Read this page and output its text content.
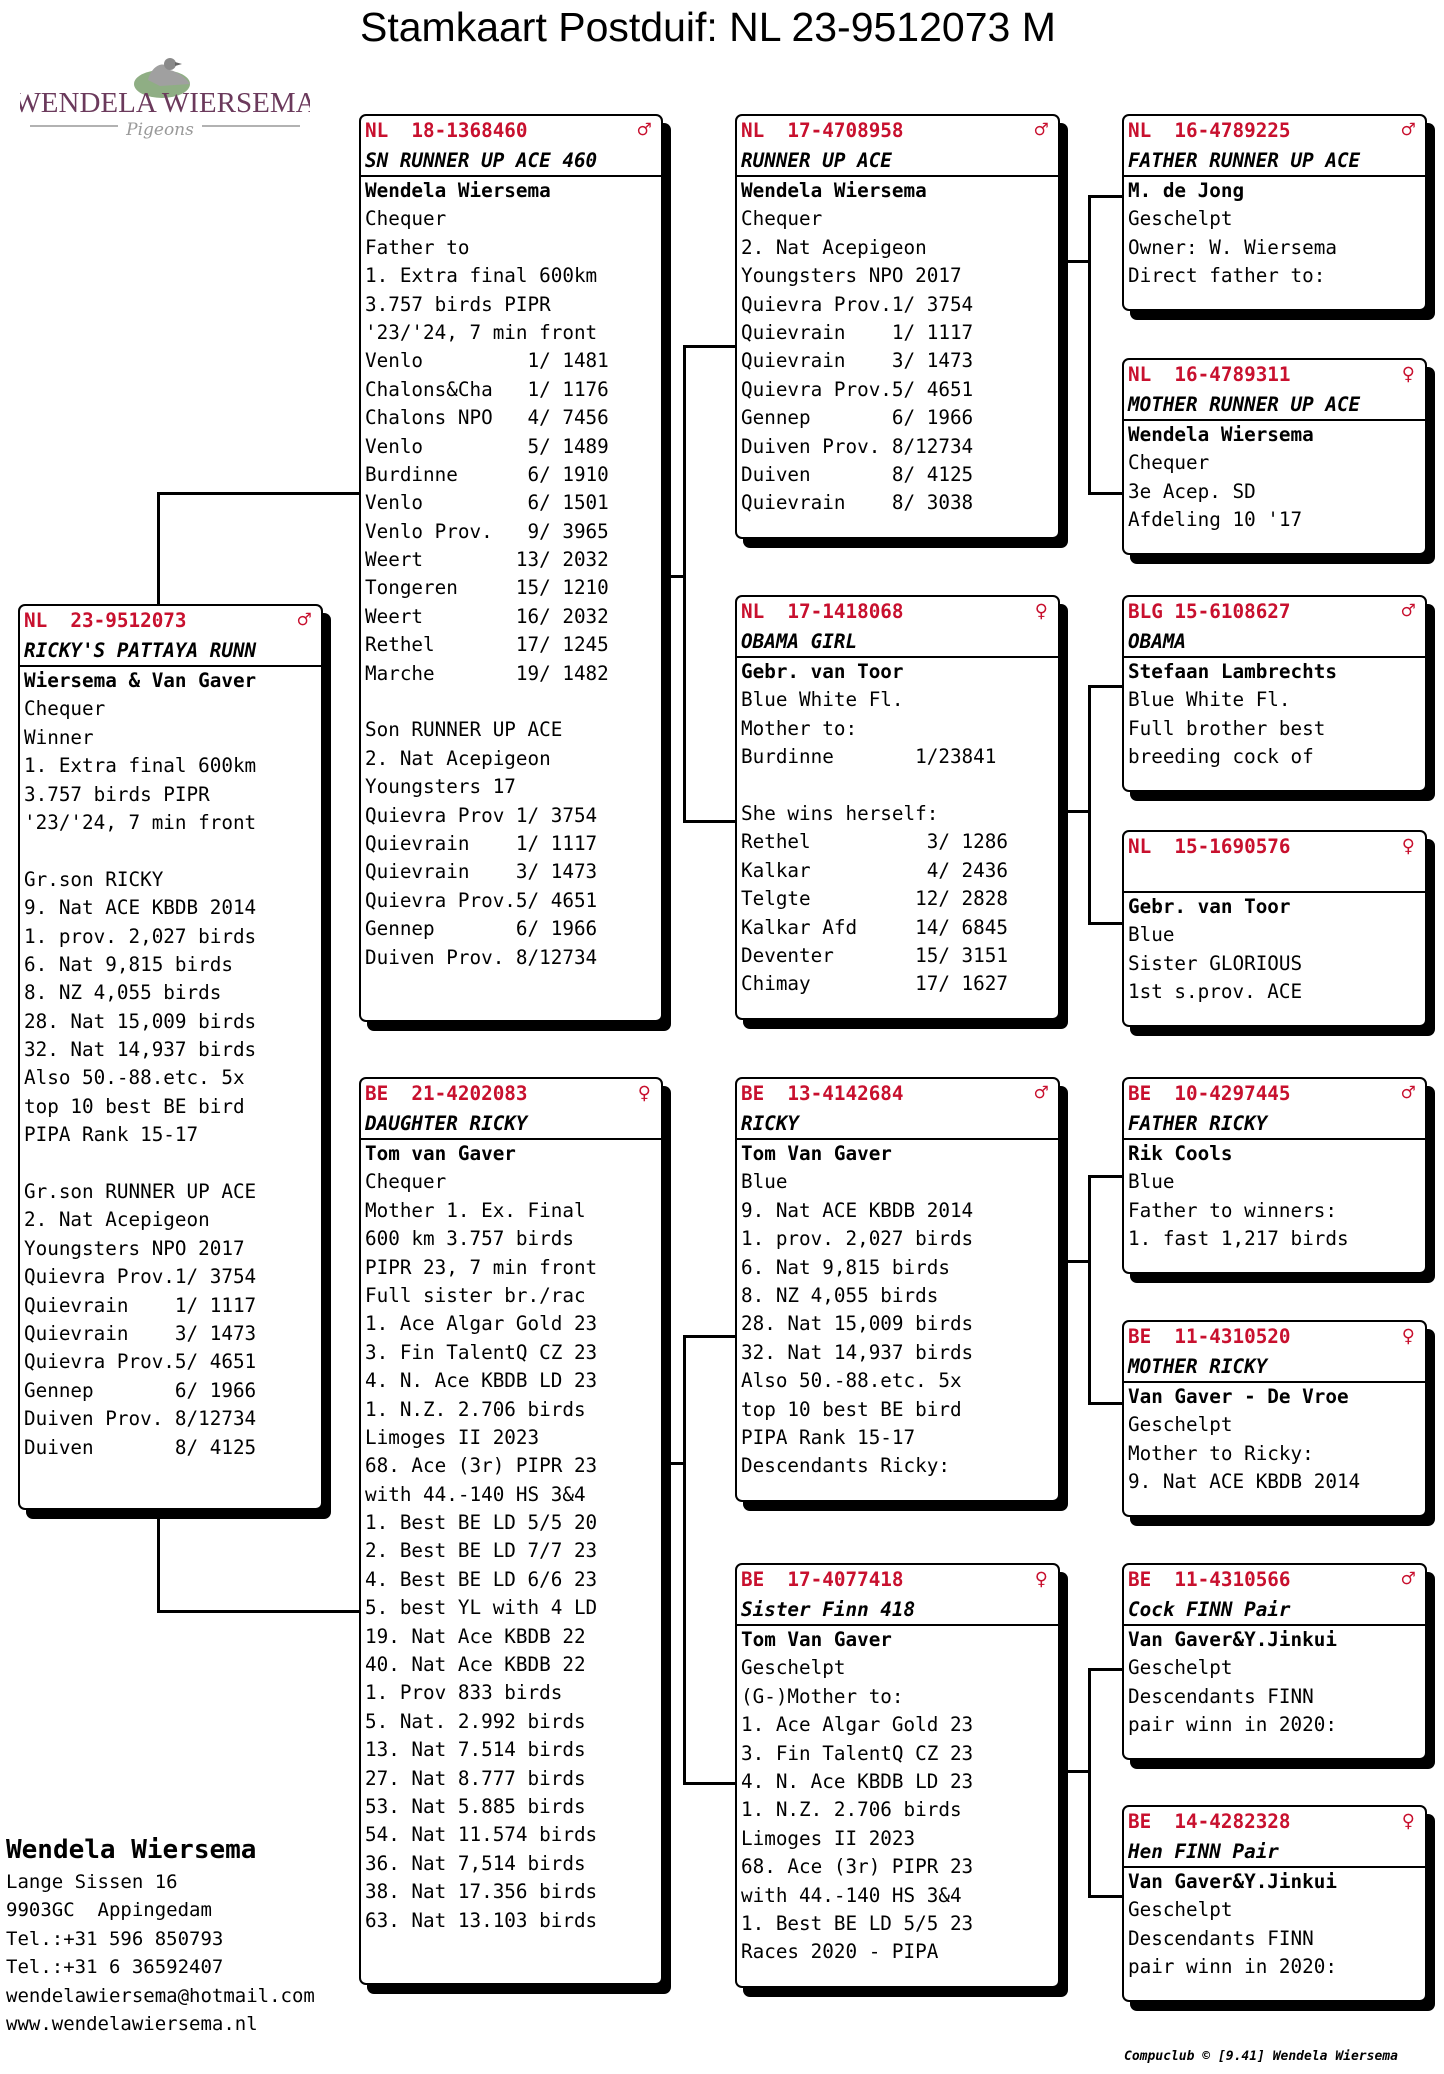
Stamkaart Postduif: NL 23-9512073 M
WENDELA WIERSEMA
Pigeons
NL  23-9512073	♂
RICKY'S PATTAYA RUNN
Wiersema & Van Gaver
Chequer
Winner
1. Extra final 600km
3.757 birds PIPR
'23/'24, 7 min front
Gr.son RICKY
9. Nat ACE KBDB 2014
1. prov. 2,027 birds
6. Nat 9,815 birds
8. NZ 4,055 birds
28. Nat 15,009 birds
32. Nat 14,937 birds
Also 50.-88.etc. 5x
top 10 best BE bird
PIPA Rank 15-17
Gr.son RUNNER UP ACE
2. Nat Acepigeon
Youngsters NPO 2017
Quievra Prov.1/ 3754
Quievrain    1/ 1117
Quievrain    3/ 1473
Quievra Prov.5/ 4651
Gennep       6/ 1966
Duiven Prov. 8/12734
Duiven       8/ 4125
NL  18-1368460	♂
SN RUNNER UP ACE 460
Wendela Wiersema
Chequer
Father to
1. Extra final 600km
3.757 birds PIPR
'23/'24, 7 min front
Venlo         1/ 1481
Chalons&Cha   1/ 1176
Chalons NPO   4/ 7456
Venlo         5/ 1489
Burdinne      6/ 1910
Venlo         6/ 1501
Venlo Prov.   9/ 3965
Weert        13/ 2032
Tongeren     15/ 1210
Weert        16/ 2032
Rethel       17/ 1245
Marche       19/ 1482
Son RUNNER UP ACE
2. Nat Acepigeon
Youngsters 17
Quievra Prov 1/ 3754
Quievrain    1/ 1117
Quievrain    3/ 1473
Quievra Prov.5/ 4651
Gennep       6/ 1966
Duiven Prov. 8/12734
BE  21-4202083	♀
DAUGHTER RICKY
Tom van Gaver
Chequer
Mother 1. Ex. Final
600 km 3.757 birds
PIPR 23, 7 min front
Full sister br./rac
1. Ace Algar Gold 23
3. Fin TalentQ CZ 23
4. N. Ace KBDB LD 23
1. N.Z. 2.706 birds
Limoges II 2023
68. Ace (3r) PIPR 23
with 44.-140 HS 3&4
1. Best BE LD 5/5 20
2. Best BE LD 7/7 23
4. Best BE LD 6/6 23
5. best YL with 4 LD
19. Nat Ace KBDB 22
40. Nat Ace KBDB 22
1. Prov 833 birds
5. Nat. 2.992 birds
13. Nat 7.514 birds
27. Nat 8.777 birds
53. Nat 5.885 birds
54. Nat 11.574 birds
36. Nat 7,514 birds
38. Nat 17.356 birds
63. Nat 13.103 birds
NL  17-4708958	♂
RUNNER UP ACE
Wendela Wiersema
Chequer
2. Nat Acepigeon
Youngsters NPO 2017
Quievra Prov.1/ 3754
Quievrain    1/ 1117
Quievrain    3/ 1473
Quievra Prov.5/ 4651
Gennep       6/ 1966
Duiven Prov. 8/12734
Duiven       8/ 4125
Quievrain    8/ 3038
NL  17-1418068	♀
OBAMA GIRL
Gebr. van Toor
Blue White Fl.
Mother to:
Burdinne       1/23841
She wins herself:
Rethel          3/ 1286
Kalkar          4/ 2436
Telgte         12/ 2828
Kalkar Afd     14/ 6845
Deventer       15/ 3151
Chimay         17/ 1627
BE  13-4142684	♂
RICKY
Tom Van Gaver
Blue
9. Nat ACE KBDB 2014
1. prov. 2,027 birds
6. Nat 9,815 birds
8. NZ 4,055 birds
28. Nat 15,009 birds
32. Nat 14,937 birds
Also 50.-88.etc. 5x
top 10 best BE bird
PIPA Rank 15-17
Descendants Ricky:
BE  17-4077418	♀
Sister Finn 418
Tom Van Gaver
Geschelpt
(G-)Mother to:
1. Ace Algar Gold 23
3. Fin TalentQ CZ 23
4. N. Ace KBDB LD 23
1. N.Z. 2.706 birds
Limoges II 2023
68. Ace (3r) PIPR 23
with 44.-140 HS 3&4
1. Best BE LD 5/5 23
Races 2020 - PIPA
NL  16-4789225	♂
FATHER RUNNER UP ACE
M. de Jong
Geschelpt
Owner: W. Wiersema
Direct father to:
NL  16-4789311	♀
MOTHER RUNNER UP ACE
Wendela Wiersema
Chequer
3e Acep. SD
Afdeling 10 '17
BLG 15-6108627	♂
OBAMA
Stefaan Lambrechts
Blue White Fl.
Full brother best
breeding cock of
NL  15-1690576	♀
Gebr. van Toor
Blue
Sister GLORIOUS
1st s.prov. ACE
BE  10-4297445	♂
FATHER RICKY
Rik Cools
Blue
Father to winners:
1. fast 1,217 birds
BE  11-4310520	♀
MOTHER RICKY
Van Gaver - De Vroe
Geschelpt
Mother to Ricky:
9. Nat ACE KBDB 2014
BE  11-4310566	♂
Cock FINN Pair
Van Gaver&Y.Jinkui
Geschelpt
Descendants FINN
pair winn in 2020:
BE  14-4282328	♀
Hen FINN Pair
Van Gaver&Y.Jinkui
Geschelpt
Descendants FINN
pair winn in 2020:
Wendela Wiersema
Lange Sissen 16
9903GC  Appingedam
Tel.:+31 596 850793
Tel.:+31 6 36592407
wendelawiersema@hotmail.com
www.wendelawiersema.nl
Compuclub © [9.41] Wendela Wiersema
